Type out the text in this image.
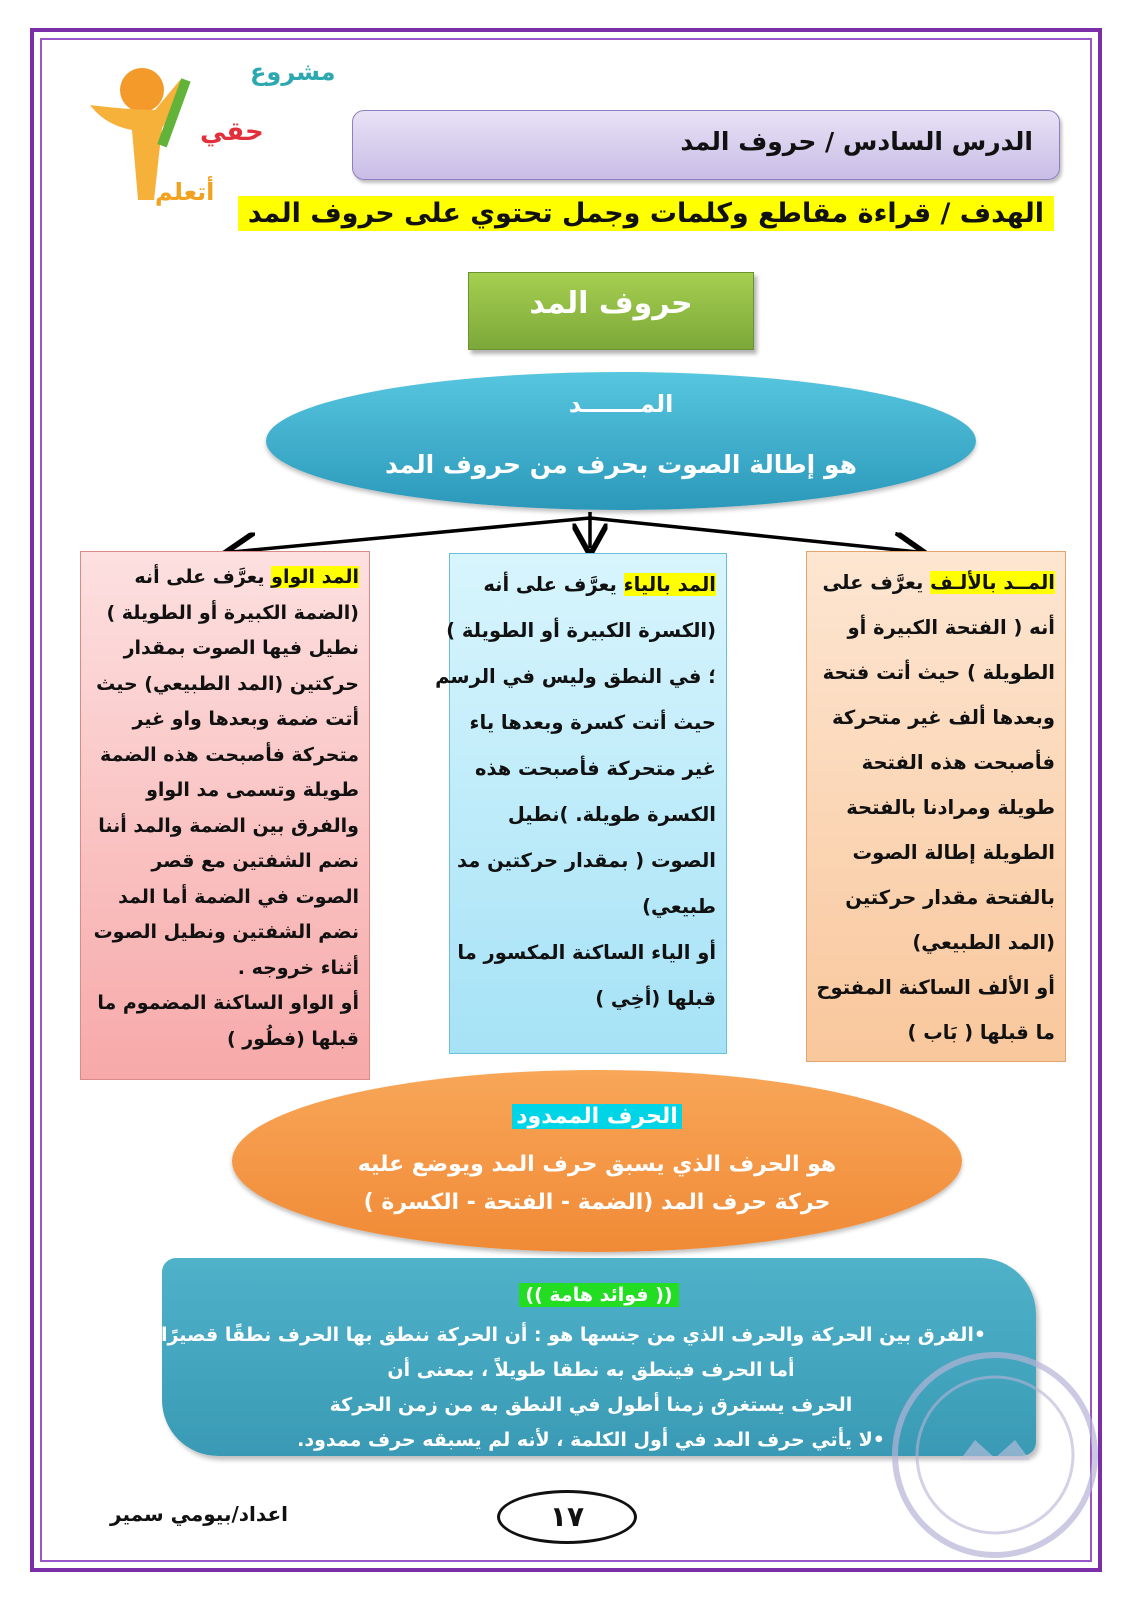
مشروع
حقي
أتعلم
الدرس السادس / حروف المد
الهدف / قراءة مقاطع وكلمات وجمل تحتوي على حروف المد
حروف المد
المـــــــد
هو إطالة الصوت بحرف من حروف المد
المــد بالألـف يعرَّف على
أنه ( الفتحة الكبيرة أو
الطويلة ) حيث أتت فتحة
وبعدها ألف غير متحركة
فأصبحت هذه الفتحة
طويلة ومرادنا بالفتحة
الطويلة إطالة الصوت
بالفتحة مقدار حركتين
(المد الطبيعي)
أو الألف الساكنة المفتوح
ما قبلها ( بَاب )
المد بالياء يعرَّف على أنه
(الكسرة الكبيرة أو الطويلة )
؛ في النطق وليس في الرسم
حيث أتت كسرة وبعدها ياء
غير متحركة فأصبحت هذه
الكسرة طويلة. )نطيل
الصوت ( بمقدار حركتين مد
طبيعي)
أو الياء الساكنة المكسور ما
قبلها (أخِي )
المد الواو يعرَّف على أنه
(الضمة الكبيرة أو الطويلة )
نطيل فيها الصوت بمقدار
حركتين (المد الطبيعي) حيث
أتت ضمة وبعدها واو غير
متحركة فأصبحت هذه الضمة
طويلة وتسمى مد الواو
والفرق بين الضمة والمد أننا
نضم الشفتين مع قصر
الصوت في الضمة أما المد
نضم الشفتين ونطيل الصوت
أثناء خروجه .
أو الواو الساكنة المضموم ما
قبلها (فطُور )
الحرف الممدود
هو الحرف الذي يسبق حرف المد ويوضع عليه
حركة حرف المد (الضمة - الفتحة - الكسرة )
(( فوائد هامة ))
•الفرق بين الحركة والحرف الذي من جنسها هو : أن الحركة ننطق بها الحرف نطقًا قصيرًا ،
أما الحرف فينطق به نطقا طويلاً ، بمعنى أن
الحرف يستغرق زمنا أطول في النطق به من زمن الحركة
•لا يأتي حرف المد في أول الكلمة ، لأنه لم يسبقه حرف ممدود.
١٧
اعداد/بيومي سمير
